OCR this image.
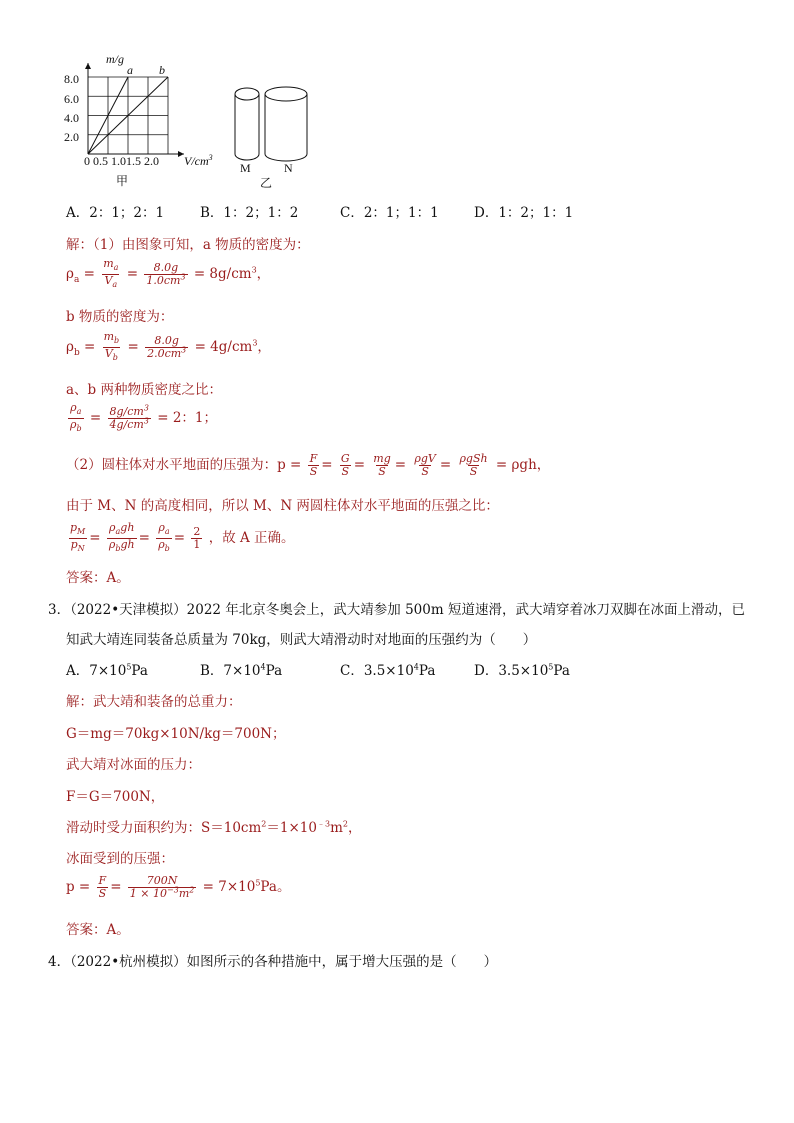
m/g
a b
8.0
6.0
4.0
2.0
0 0.5 1.01.5 2.0 $V/cm^3$
甲
M	N
乙
A．2：1；2：1	B．1：2；1：2	C．2：1；1：1	D．1：2；1：1
解：（1）由图象可知，a 物质的密度为：
$\rho_a = \frac{m_a}{V_a} = \frac{8.0g}{1.0cm^3} = 8g/cm^3$，
b 物质的密度为：
$\rho_b = \frac{m_b}{V_b} = \frac{8.0g}{2.0cm^3} = 4g/cm^3$，
a、b 两种物质密度之比：
$\frac{\rho_a}{\rho_b} = \frac{8g/cm^3}{4g/cm^3} = 2$：1；
（2）圆柱体对水平地面的压强为：$p = \frac{F}{S} = \frac{G}{S} = \frac{mg}{S} = \frac{\text{ρgV}}{S} = \frac{\text{ρgSh}}{S} = \rho gh$，
由于 M、N 的高度相同，所以 M、N 两圆柱体对水平地面的压强之比：
$\frac{p_M}{p_N} = \frac{\rho_agh}{\rho_bgh} = \frac{\rho_a}{\rho_b} = \frac{2}{1}$ ，故 A 正确。
答案：A。
3．（2022•天津模拟）2022 年北京冬奥会上，武大靖参加 500m 短道速滑，武大靖穿着冰刀双脚在冰面上滑动，已
知武大靖连同装备总质量为 70kg，则武大靖滑动时对地面的压强约为（　　）
A．$7\times 10^5Pa$	B．$7\times 10^4Pa$	C．$3.5\times 10^4Pa$	D．$3.5\times 10^5Pa$
解：武大靖和装备的总重力：
G＝mg＝70kg×10N/kg＝700N；
武大靖对冰面的压力：
F＝G＝700N，
滑动时受力面积约为：$S=10cm^2=1\times 10^{﹣3}m^2$，
冰面受到的压强：
$p = \frac{F}{S} = \frac{700N}{1 \times 10^{-3}m^2} = 7\times 10^5Pa$。
答案：A。
4．（2022•杭州模拟）如图所示的各种措施中，属于增大压强的是（　　）
